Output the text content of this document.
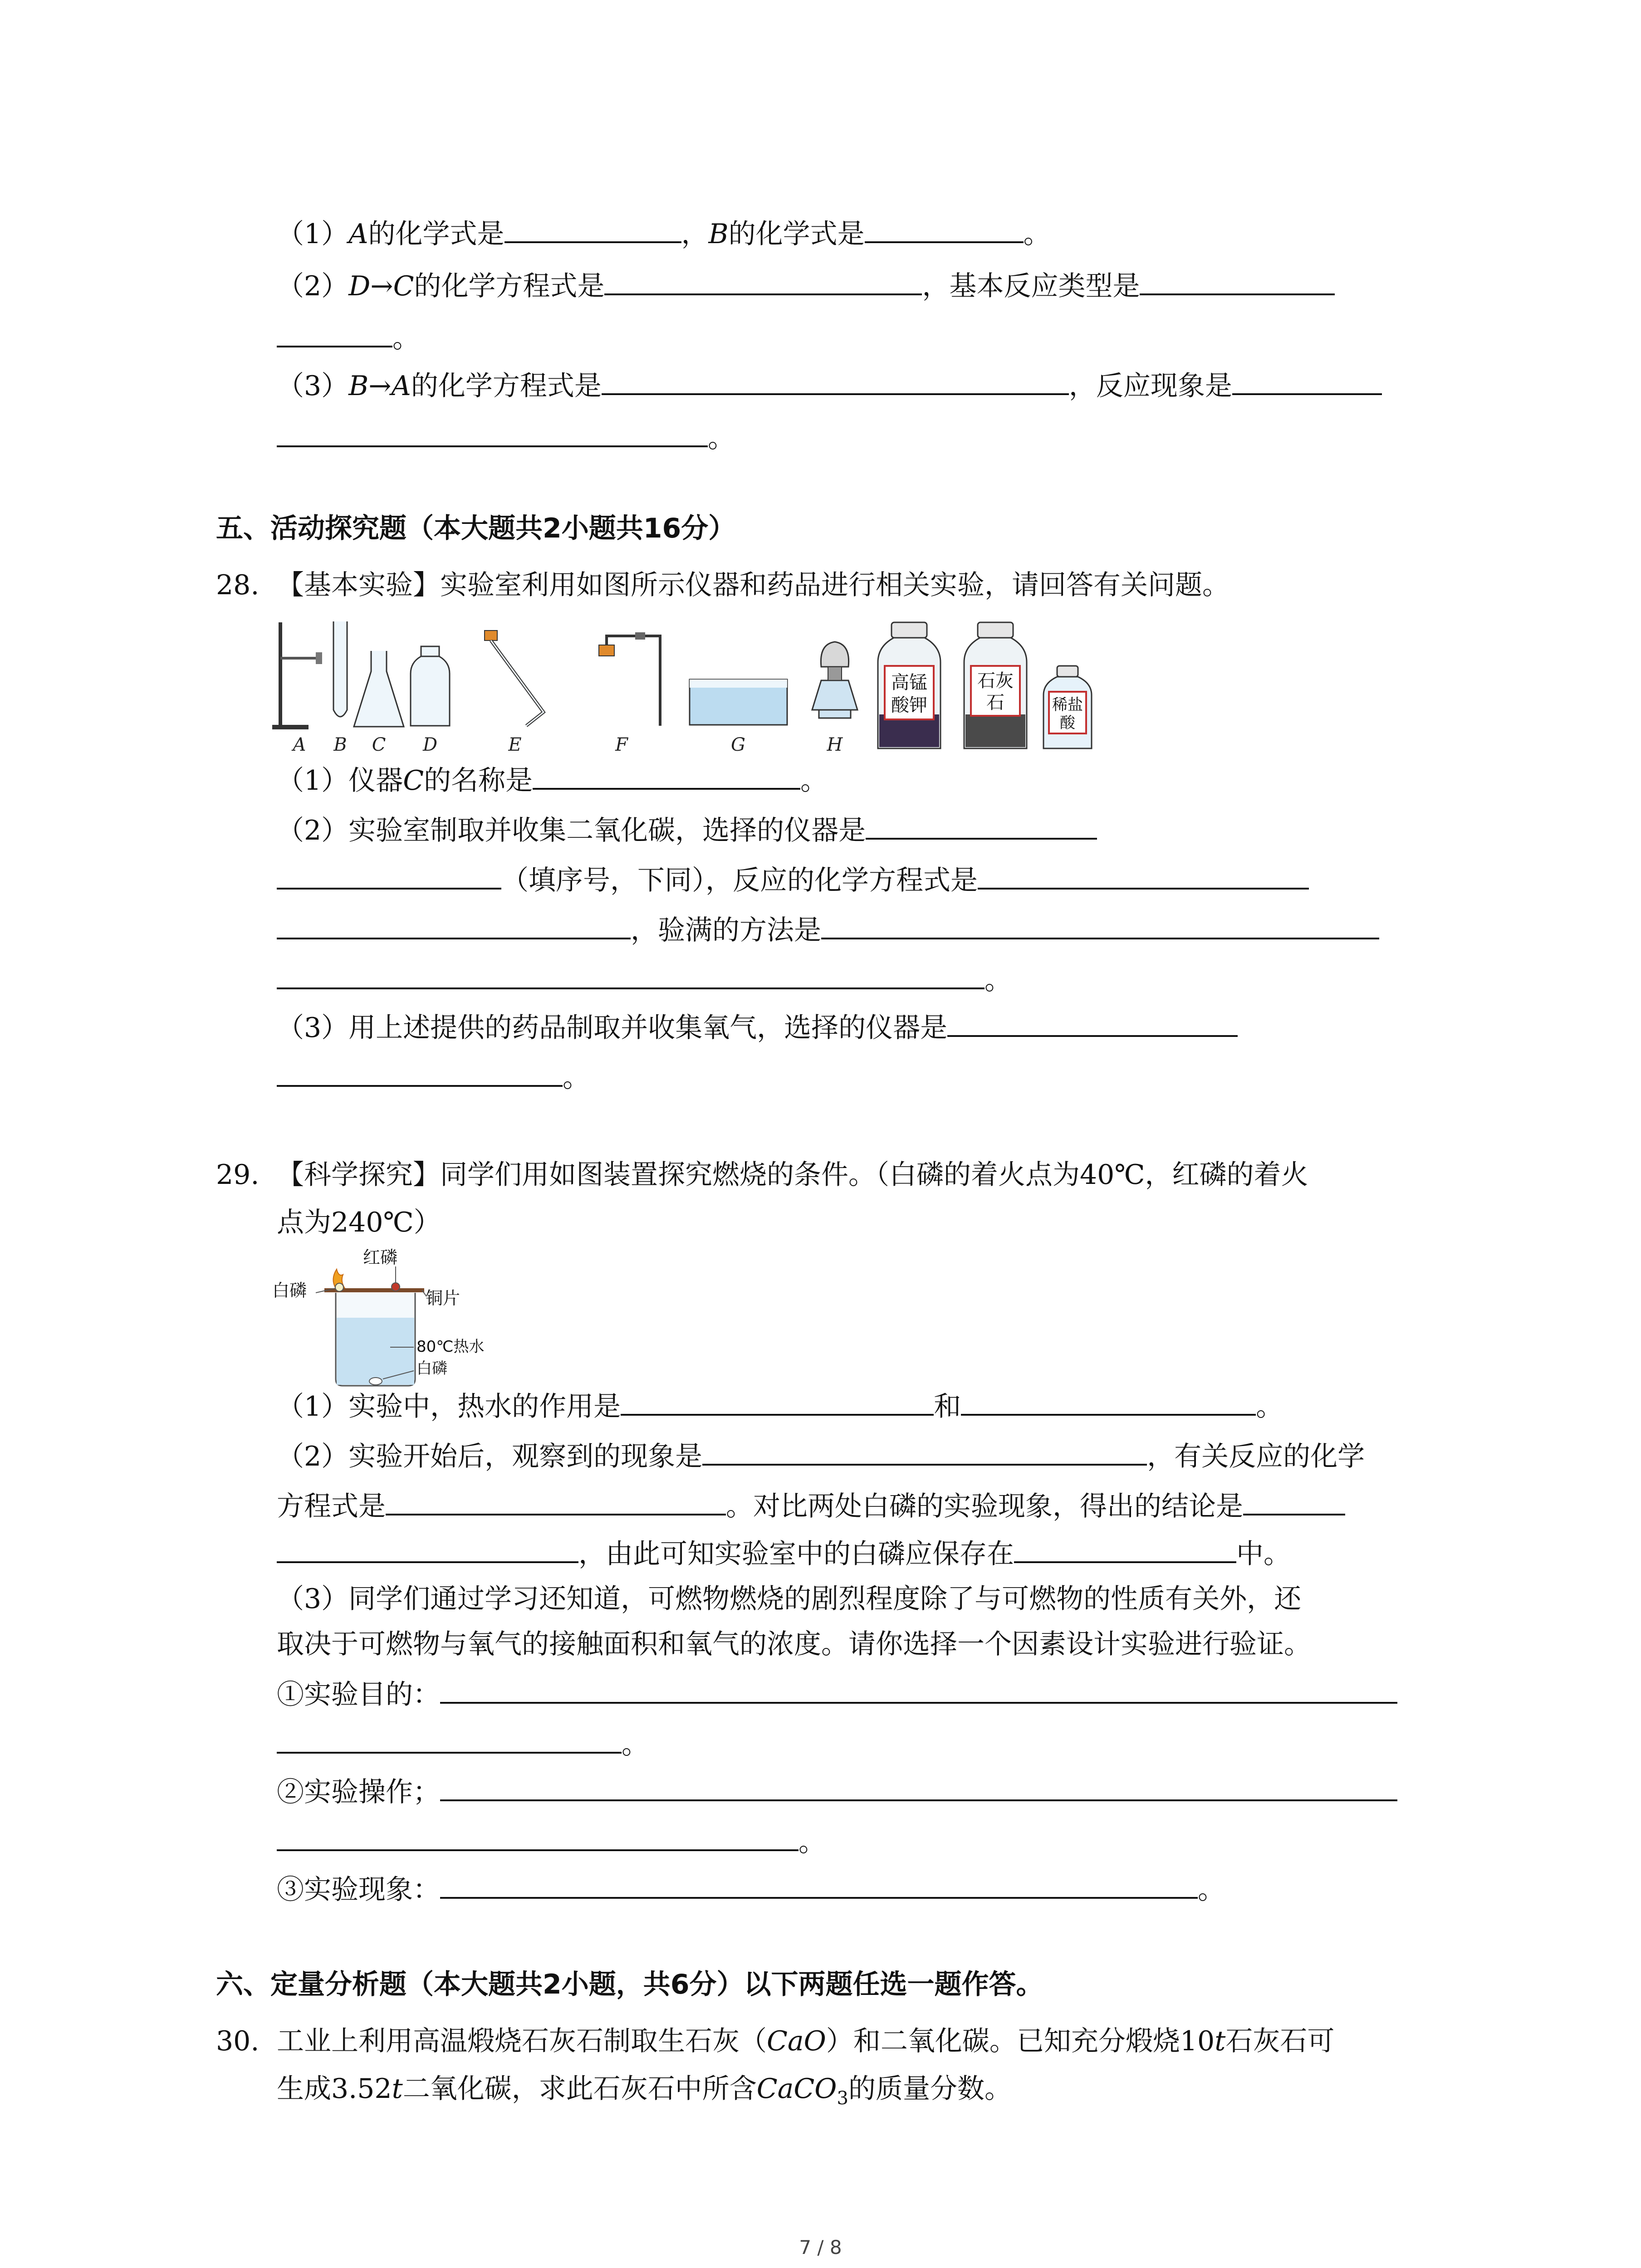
（1）A的化学式是	，B的化学式是	。
（2）D→C的化学方程式是	，基本反应类型是
。
（3）B→A的化学方程式是	，反应现象是
。
五、活动探究题（本大题共2小题共16分）
28. 【基本实验】实验室利用如图所示仪器和药品进行相关实验，请回答有关问题。
高锰
酸钾
石灰
石	稀盐
酸
A B C D	E	F	G	H
（1）仪器C的名称是	。
（2）实验室制取并收集二氧化碳，选择的仪器是
（填序号，下同），反应的化学方程式是
，验满的方法是
。
（3）用上述提供的药品制取并收集氧气，选择的仪器是
。
29. 【科学探究】同学们用如图装置探究燃烧的条件。（白磷的着火点为40℃，红磷的着火
点为240℃）
红磷
白磷	铜片
80℃热水
白磷
（1）实验中，热水的作用是	和	。
（2）实验开始后，观察到的现象是	，有关反应的化学
方程式是	。对比两处白磷的实验现象，得出的结论是
，由此可知实验室中的白磷应保存在	中。
（3）同学们通过学习还知道，可燃物燃烧的剧烈程度除了与可燃物的性质有关外，还
取决于可燃物与氧气的接触面积和氧气的浓度。请你选择一个因素设计实验进行验证。
①实验目的：
。
②实验操作；
。
③实验现象：	。
六、定量分析题（本大题共2小题，共6分）以下两题任选一题作答。
30. 工业上利用高温煅烧石灰石制取生石灰（CaO）和二氧化碳。已知充分煅烧10t石灰石可
生成3.52t二氧化碳，求此石灰石中所含CaCO$_3$的质量分数。
7 / 8
